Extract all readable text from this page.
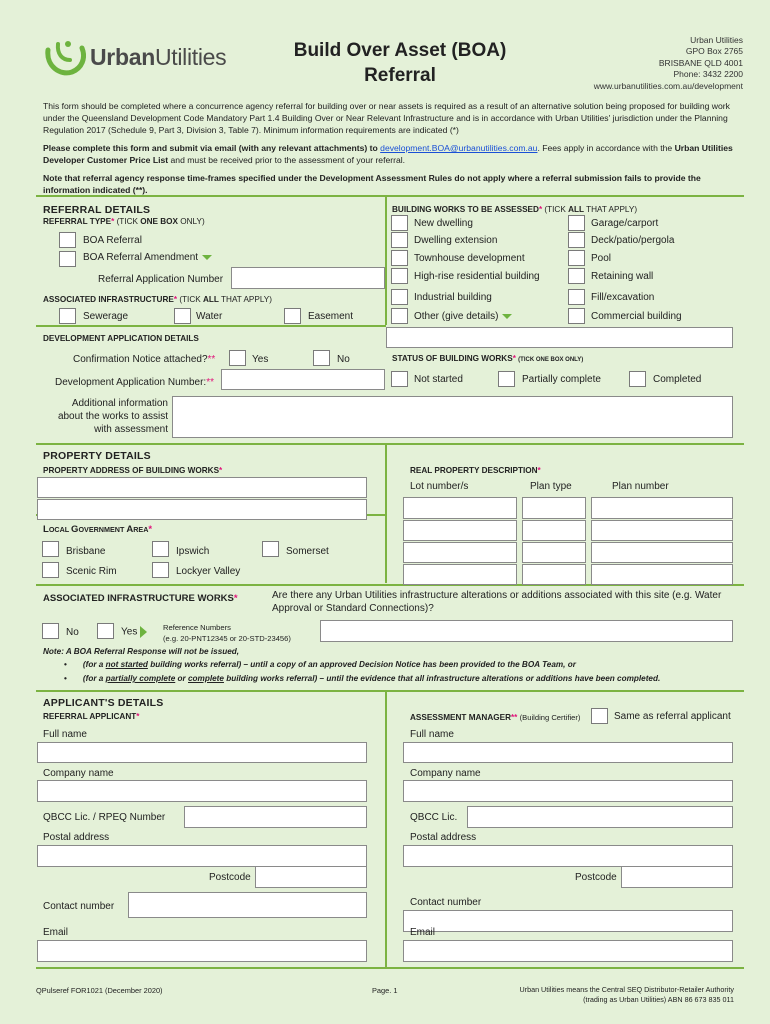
UrbanUtilities	Build Over Asset (BOA)
Referral
Urban Utilities
GPO Box 2765
BRISBANE QLD 4001
Phone: 3432 2200
www.urbanutilities.com.au/development
This form should be completed where a concurrence agency referral for building over or near assets is required as a result of an alternative solution being proposed for building work under the Queensland Development Code Mandatory Part 1.4 Building Over or Near Relevant Infrastructure and is in accordance with Urban Utilities' jurisdiction under the Planning Regulation 2017 (Schedule 9, Part 3, Division 3, Table 7). Minimum information requirements are indicated (*)
Please complete this form and submit via email (with any relevant attachments) to development.BOA@urbanutilities.com.au. Fees apply in accordance with the Urban Utilities Developer Customer Price List and must be received prior to the assessment of your referral.
Note that referral agency response time-frames specified under the Development Assessment Rules do not apply where a referral submission fails to provide the information indicated (**).
REFERRAL DETAILS
REFERRAL TYPE* (TICK ONE BOX ONLY)
BOA Referral
BOA Referral Amendment
Referral Application Number
ASSOCIATED INFRASTRUCTURE* (TICK ALL THAT APPLY)
Sewerage	Water	Easement
BUILDING WORKS TO BE ASSESSED* (TICK ALL THAT APPLY)
New dwelling
Dwelling extension
Townhouse development
High-rise residential building
Industrial building
Other (give details)
Garage/carport
Deck/patio/pergola
Pool
Retaining wall
Fill/excavation
Commercial building
DEVELOPMENT APPLICATION DETAILS
Confirmation Notice attached?**	Yes	No
Development Application Number:**
Additional information
about the works to assist
with assessment
STATUS OF BUILDING WORKS* (TICK ONE BOX ONLY)
Not started	Partially complete	Completed
PROPERTY DETAILS
PROPERTY ADDRESS OF BUILDING WORKS*	REAL PROPERTY DESCRIPTION*
Lot number/s	Plan type	Plan number
LOCAL GOVERNMENT AREA*
Brisbane	Ipswich	Somerset
Scenic Rim	Lockyer Valley
ASSOCIATED INFRASTRUCTURE WORKS*	Are there any Urban Utilities infrastructure alterations or additions associated with this site (e.g. Water Approval or Standard Connections)?
No	Yes	Reference Numbers
(e.g. 20-PNT12345 or 20-STD-23456)
Note: A BOA Referral Response will not be issued,
• (for a not started building works referral) – until a copy of an approved Decision Notice has been provided to the BOA Team, or
• (for a partially complete or complete building works referral) – until the evidence that all infrastructure alterations or additions have been completed.
APPLICANT'S DETAILS
REFERRAL APPLICANT*	ASSESSMENT MANAGER** (Building Certifier)	Same as referral applicant
Full name
Company name
QBCC Lic. / RPEQ Number
Postal address
Postcode
Contact number
Email
Full name
Company name
QBCC Lic.
Postal address
Postcode
Contact number
Email
QPulseref FOR1021 (December 2020)	Page. 1	Urban Utilities means the Central SEQ Distributor-Retailer Authority
(trading as Urban Utilities) ABN 86 673 835 011
